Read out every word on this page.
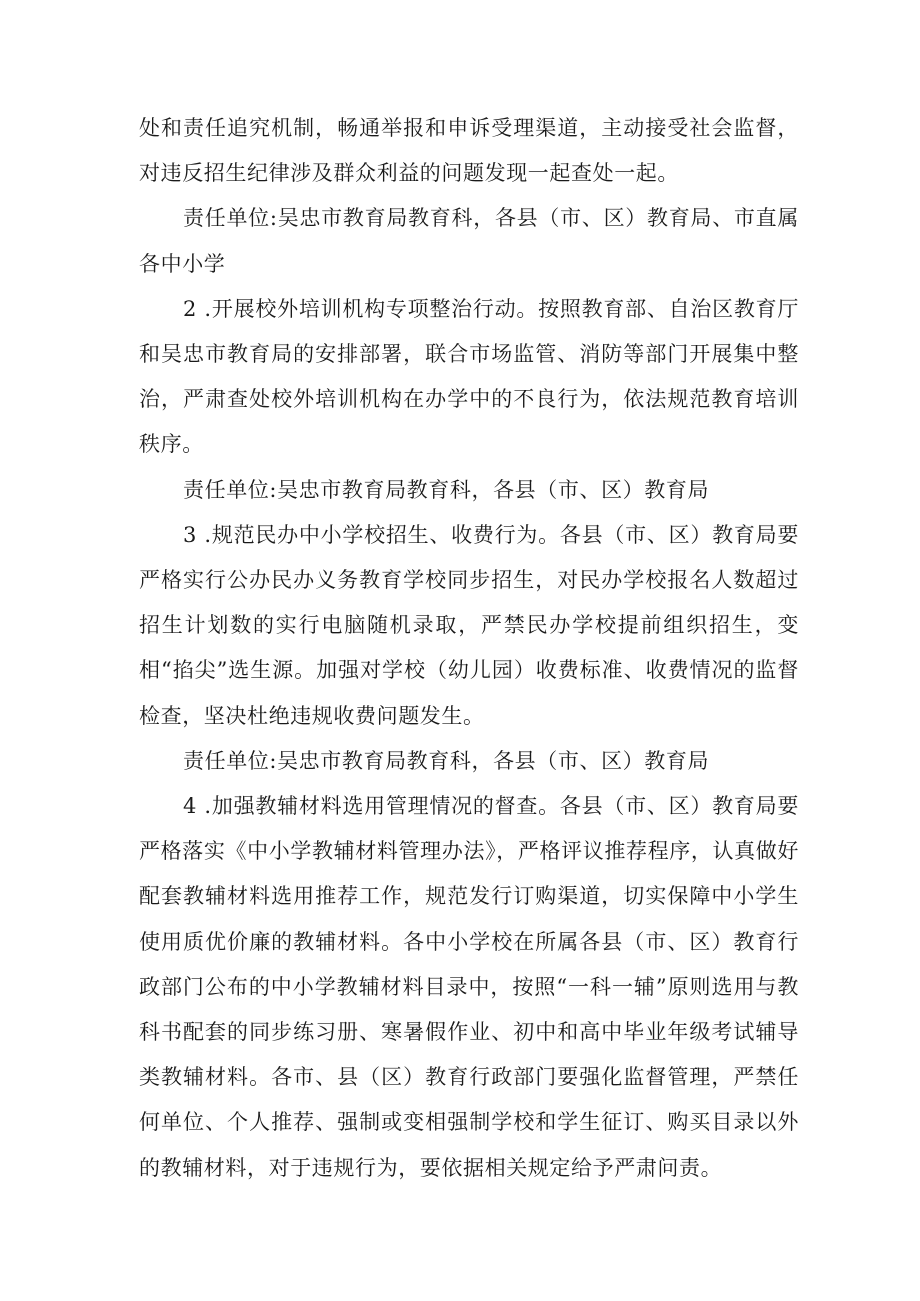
处和责任追究机制，畅通举报和申诉受理渠道，主动接受社会监督，对违反招生纪律涉及群众利益的问题发现一起查处一起。

责任单位:吴忠市教育局教育科，各县（市、区）教育局、市直属各中小学

2 .开展校外培训机构专项整治行动。按照教育部、自治区教育厅和吴忠市教育局的安排部署，联合市场监管、消防等部门开展集中整治，严肃查处校外培训机构在办学中的不良行为，依法规范教育培训秩序。

责任单位:吴忠市教育局教育科，各县（市、区）教育局

3 .规范民办中小学校招生、收费行为。各县（市、区）教育局要严格实行公办民办义务教育学校同步招生，对民办学校报名人数超过招生计划数的实行电脑随机录取，严禁民办学校提前组织招生，变相“掐尖”选生源。加强对学校（幼儿园）收费标准、收费情况的监督检查，坚决杜绝违规收费问题发生。

责任单位:吴忠市教育局教育科，各县（市、区）教育局

4 .加强教辅材料选用管理情况的督查。各县（市、区）教育局要严格落实《中小学教辅材料管理办法》，严格评议推荐程序，认真做好配套教辅材料选用推荐工作，规范发行订购渠道，切实保障中小学生使用质优价廉的教辅材料。各中小学校在所属各县（市、区）教育行政部门公布的中小学教辅材料目录中，按照“一科一辅”原则选用与教科书配套的同步练习册、寒暑假作业、初中和高中毕业年级考试辅导类教辅材料。各市、县（区）教育行政部门要强化监督管理，严禁任何单位、个人推荐、强制或变相强制学校和学生征订、购买目录以外的教辅材料，对于违规行为，要依据相关规定给予严肃问责。
